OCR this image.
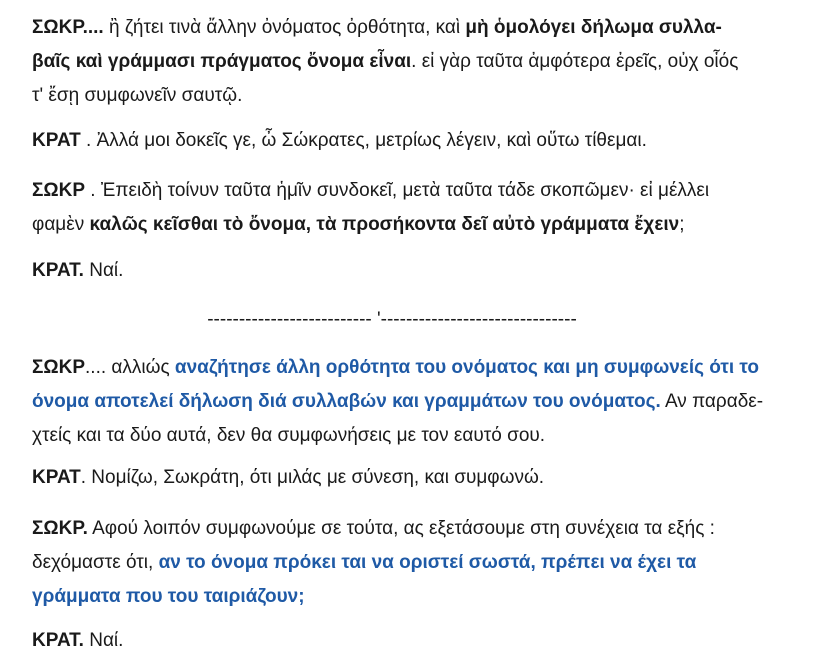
ΣΩΚΡ.... ἢ ζήτει τινὰ ἄλλην ὀνόματος ὀρθότητα, καὶ μὴ ὁμολόγει δήλωμα συλλα-
βαῖς καὶ γράμμασι πράγματος ὄνομα εἶναι. εἰ γὰρ ταῦτα ἀμφότερα ἐρεῖς, οὐχ οἷός
τ' ἔσῃ συμφωνεῖν σαυτῷ.

ΚΡΑΤ . Ἀλλά μοι δοκεῖς γε, ὦ Σώκρατες, μετρίως λέγειν, καὶ οὕτω τίθεμαι.

ΣΩΚΡ . Ἐπειδὴ τοίνυν ταῦτα ἡμῖν συνδοκεῖ, μετὰ ταῦτα τάδε σκοπῶμεν· εἰ μέλλει
φαμὲν καλῶς κεῖσθαι τὸ ὄνομα, τὰ προσήκοντα δεῖ αὐτὸ γράμματα ἔχειν;

ΚΡΑΤ. Ναί.

-------------------------- '-------------------------------

ΣΩΚΡ.... αλλιώς αναζήτησε άλλη ορθότητα του ονόματος και μη συμφωνείς ότι το
όνομα αποτελεί δήλωση διά συλλαβών και γραμμάτων του ονόματος. Αν παραδε-
χτείς και τα δύο αυτά, δεν θα συμφωνήσεις με τον εαυτό σου.

ΚΡΑΤ. Νομίζω, Σωκράτη, ότι μιλάς με σύνεση, και συμφωνώ.

ΣΩΚΡ. Αφού λοιπόν συμφωνούμε σε τούτα, ας εξετάσουμε στη συνέχεια τα εξής :
δεχόμαστε ότι, αν το όνομα πρόκει ται να οριστεί σωστά, πρέπει να έχει τα
γράμματα που του ταιριάζουν;

ΚΡΑΤ. Ναί.
